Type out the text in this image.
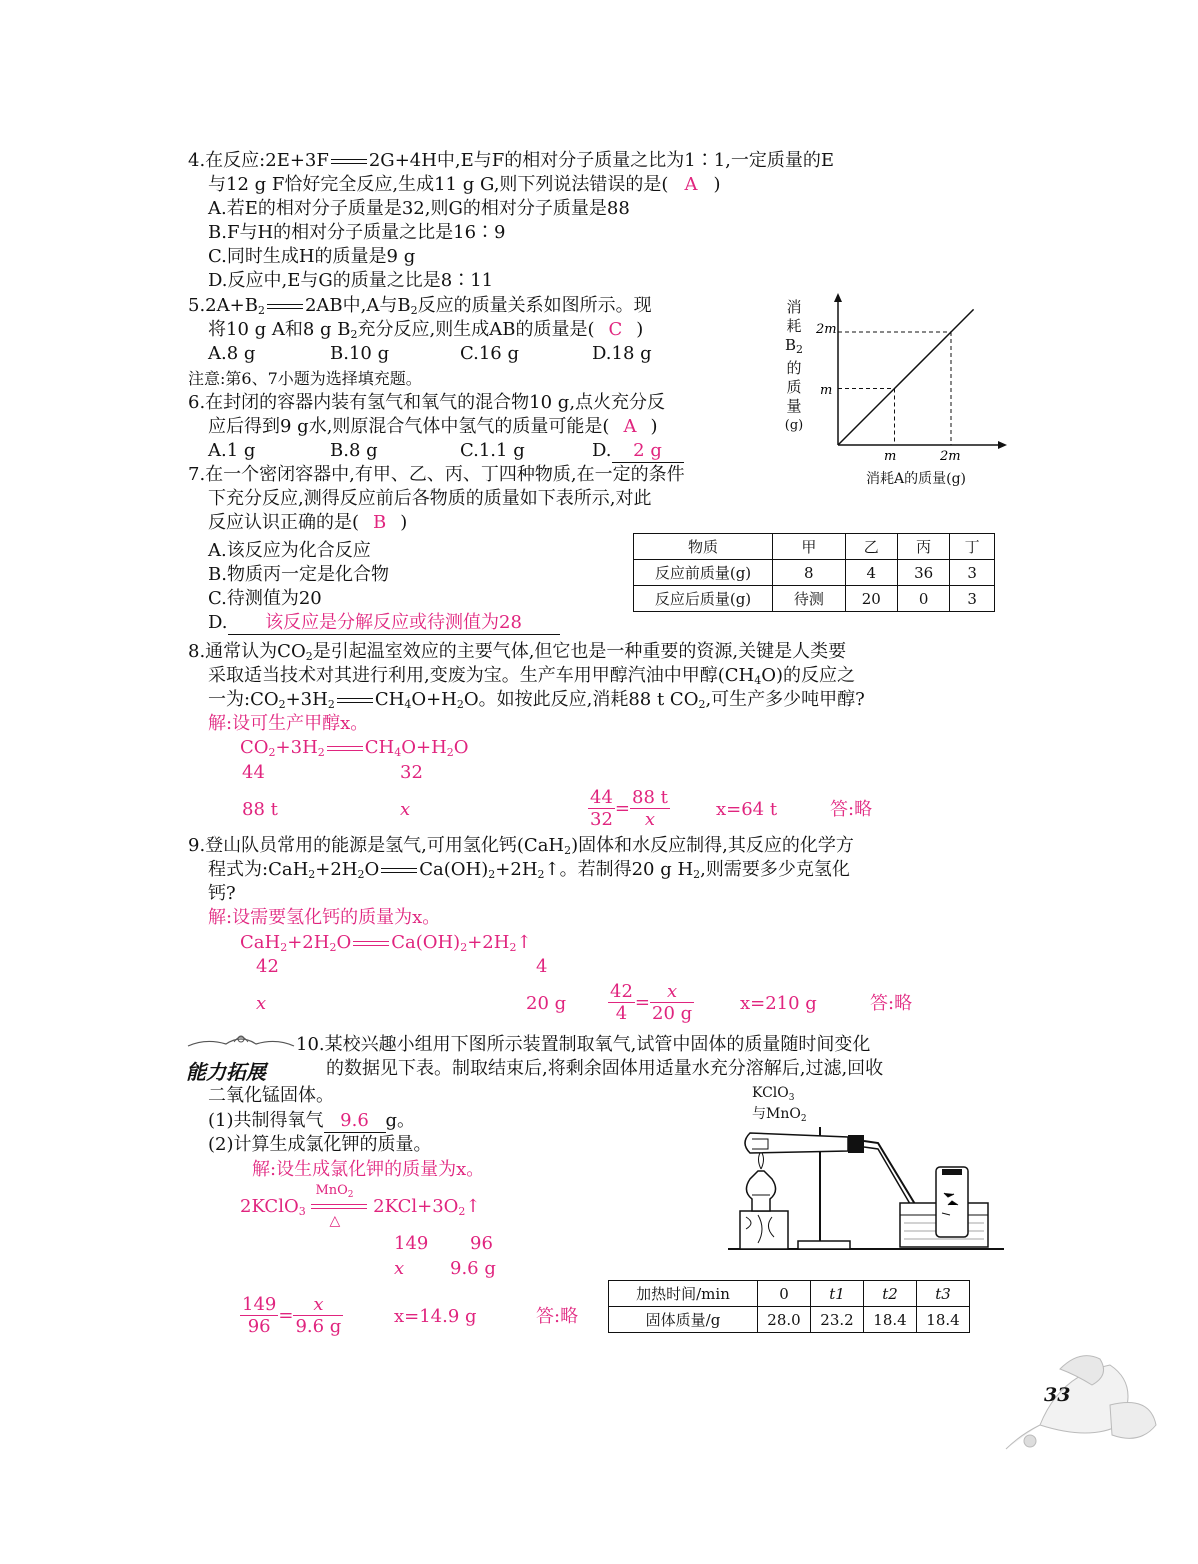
4.在反应:2E+3F 2G+4H中,E与F的相对分子质量之比为1∶1,一定质量的E
与12 g F恰好完全反应,生成11 g G,则下列说法错误的是( A )
A.若E的相对分子质量是32,则G的相对分子质量是88
B.F与H的相对分子质量之比是16∶9
C.同时生成H的质量是9 g
D.反应中,E与G的质量之比是8∶11
$5.2A+B_2$ 2AB中,A与$B_2$反应的质量关系如图所示。现
将10 g A和8 g $B_2$充分反应,则生成AB的质量是( C )
A.8 g	B.10 g	C.16 g	D.18 g
注意:第6、7小题为选择填充题。
6.在封闭的容器内装有氢气和氧气的混合物10 g,点火充分反
应后得到9 g水,则原混合气体中氢气的质量可能是( A )
A.1 g	B.8 g	C.1.1 g	D. 2 g
2m
m
m	2m
消
耗
$B_2$
的
质
量
(g)
消耗A的质量(g)
7.在一个密闭容器中,有甲、乙、丙、丁四种物质,在一定的条件
下充分反应,测得反应前后各物质的质量如下表所示,对此
反应认识正确的是( B )
A.该反应为化合反应
B.物质丙一定是化合物
C.待测值为20
D. 该反应是分解反应或待测值为28
物质	甲	乙	丙	丁
反应前质量(g)	8	4	36	3
反应后质量(g)	待测	20	0	3
8.通常认为$CO_2$是引起温室效应的主要气体,但它也是一种重要的资源,关键是人类要
采取适当技术对其进行利用,变废为宝。生产车用甲醇汽油中甲醇$(CH_4O)$的反应之
一为$:CO_2+3H_2$ $CH_4O+H_2O$。如按此反应,消耗88 t $CO_2$,可生产多少吨甲醇?
解:设可生产甲醇x。
$CO_2+3H_2$ $CH_4O+H_2O$
44	32
88 t	x	$\frac{44}{32} = \frac{88 t}{x}$	x=64 t	答:略
9.登山队员常用的能源是氢气,可用氢化钙(CaH$_2$)固体和水反应制得,其反应的化学方
程式为$:CaH_2+2H_2O$ $Ca(OH)_2+2H_2↑$。若制得20 g $H_2$,则需要多少克氢化
钙?
解:设需要氢化钙的质量为x。
$CaH_2+2H_2O$ $Ca(OH)_2+2H_2↑$
42	4
x	20 g $\frac{42}{4} = \frac{x}{20 g}$	x=210 g	答:略
能力拓展
10.某校兴趣小组用下图所示装置制取氧气,试管中固体的质量随时间变化
的数据见下表。制取结束后,将剩余固体用适量水充分溶解后,过滤,回收
二氧化锰固体。
(1)共制得氧气 9.6 g。
(2)计算生成氯化钾的质量。
解:设生成氯化钾的质量为x。
2KClO$_3$
MnO$_2$
△
$2KCl+3O_2↑$
149 96
x	9.6 g
$\frac{149}{96} = \frac{x}{9.6 g}$	x=14.9 g	答:略
KClO$_3$
与MnO$_2$
加热时间/min	0	t1	t2	t3
固体质量/g	28.0	23.2	18.4	18.4
33
